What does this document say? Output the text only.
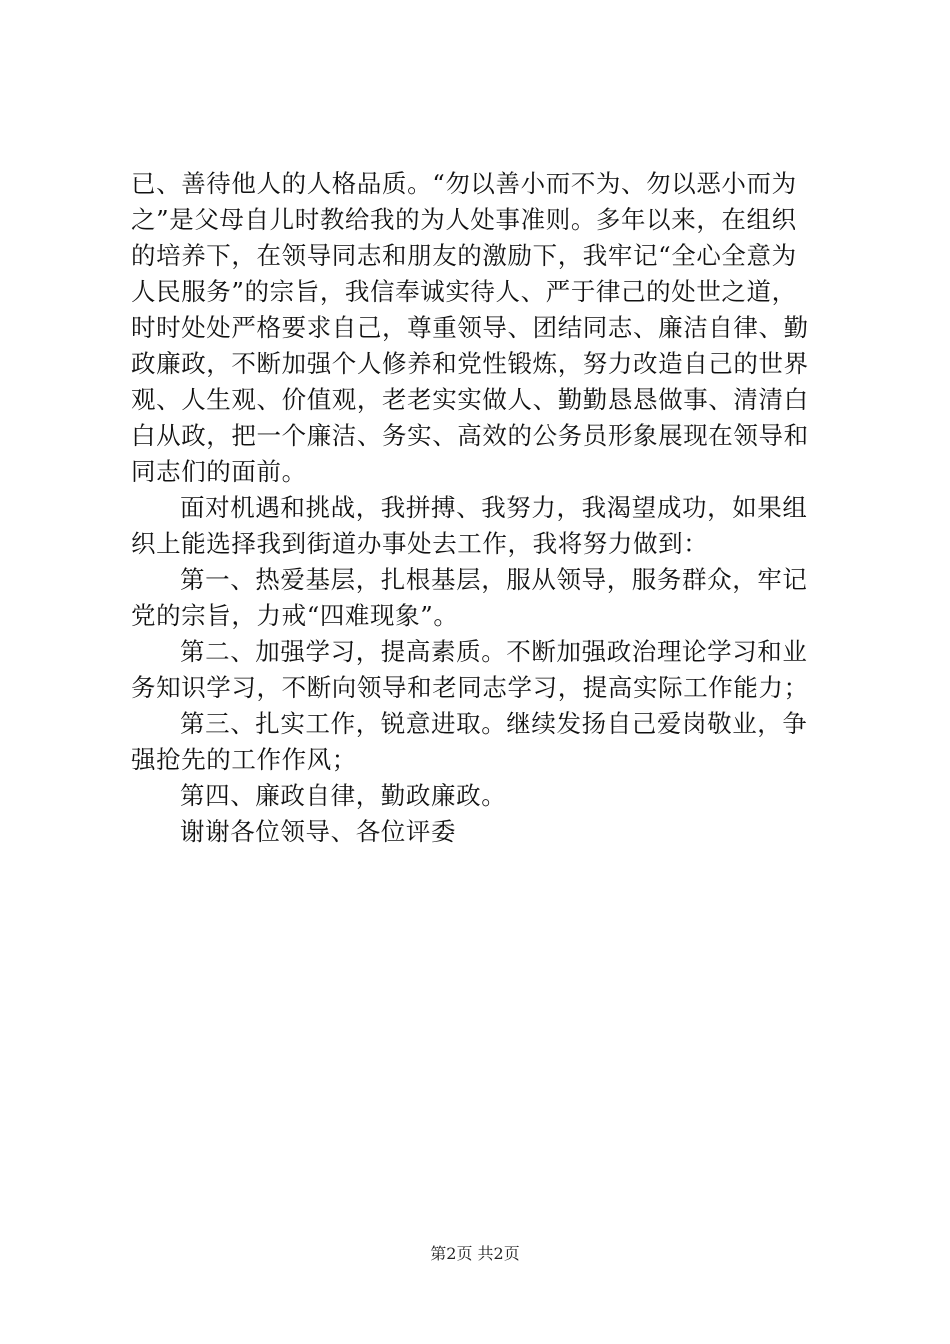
已、善待他人的人格品质。“勿以善小而不为、勿以恶小而为
之”是父母自儿时教给我的为人处事准则。多年以来，在组织
的培养下，在领导同志和朋友的激励下，我牢记“全心全意为
人民服务”的宗旨，我信奉诚实待人、严于律己的处世之道，
时时处处严格要求自己，尊重领导、团结同志、廉洁自律、勤
政廉政，不断加强个人修养和党性锻炼，努力改造自己的世界
观、人生观、价值观，老老实实做人、勤勤恳恳做事、清清白
白从政，把一个廉洁、务实、高效的公务员形象展现在领导和
同志们的面前。
面对机遇和挑战，我拼搏、我努力，我渴望成功，如果组
织上能选择我到街道办事处去工作，我将努力做到：
第一、热爱基层，扎根基层，服从领导，服务群众，牢记
党的宗旨，力戒“四难现象”。
第二、加强学习，提高素质。不断加强政治理论学习和业
务知识学习，不断向领导和老同志学习，提高实际工作能力；
第三、扎实工作，锐意进取。继续发扬自己爱岗敬业，争
强抢先的工作作风；
第四、廉政自律，勤政廉政。
谢谢各位领导、各位评委
第2页 共2页
